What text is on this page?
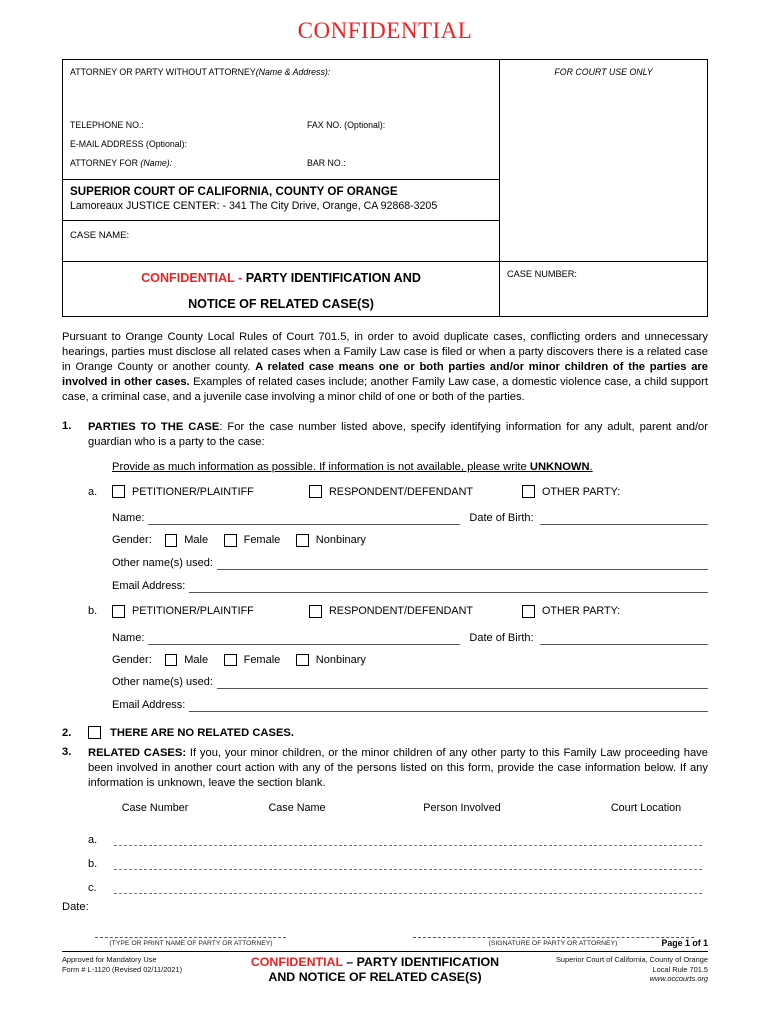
CONFIDENTIAL
ATTORNEY OR PARTY WITHOUT ATTORNEY (Name & Address):
TELEPHONE NO.:	FAX NO. (Optional):
E-MAIL ADDRESS (Optional):
ATTORNEY FOR (Name):	BAR NO.:
SUPERIOR COURT OF CALIFORNIA, COUNTY OF ORANGE
Lamoreaux JUSTICE CENTER: - 341 The City Drive, Orange, CA 92868-3205
CASE NAME:
CONFIDENTIAL - PARTY IDENTIFICATION AND
NOTICE OF RELATED CASE(S)
FOR COURT USE ONLY
CASE NUMBER:
Pursuant to Orange County Local Rules of Court 701.5, in order to avoid duplicate cases, conflicting orders and unnecessary hearings, parties must disclose all related cases when a Family Law case is filed or when a party discovers there is a related case in Orange County or another county. A related case means one or both parties and/or minor children of the parties are involved in other cases. Examples of related cases include; another Family Law case, a domestic violence case, a child support case, a criminal case, and a juvenile case involving a minor child of one or both of the parties.
1.	PARTIES TO THE CASE: For the case number listed above, specify identifying information for any adult, parent and/or guardian who is a party to the case:
Provide as much information as possible. If information is not available, please write UNKNOWN.
a.	PETITIONER/PLAINTIFF	RESPONDENT/DEFENDANT	OTHER PARTY:
Name:	Date of Birth:
Gender:	Male	Female	Nonbinary
Other name(s) used:
Email Address:
b.	PETITIONER/PLAINTIFF	RESPONDENT/DEFENDANT	OTHER PARTY:
Name:	Date of Birth:
Gender:	Male	Female	Nonbinary
Other name(s) used:
Email Address:
2.	THERE ARE NO RELATED CASES.
3.	RELATED CASES: If you, your minor children, or the minor children of any other party to this Family Law proceeding have been involved in another court action with any of the persons listed on this form, provide the case information below. If any information is unknown, leave the section blank.
Case Number	Case Name	Person Involved	Court Location
a.
b.
c.
Date:
(TYPE OR PRINT NAME OF PARTY OR ATTORNEY)	(SIGNATURE OF PARTY OR ATTORNEY)	Page 1 of 1
Approved for Mandatory Use
Form # L-1120 (Revised 02/11/2021)	CONFIDENTIAL – PARTY IDENTIFICATION
AND NOTICE OF RELATED CASE(S)
Superior Court of California, County of Orange
Local Rule 701.5
www.occourts.org
